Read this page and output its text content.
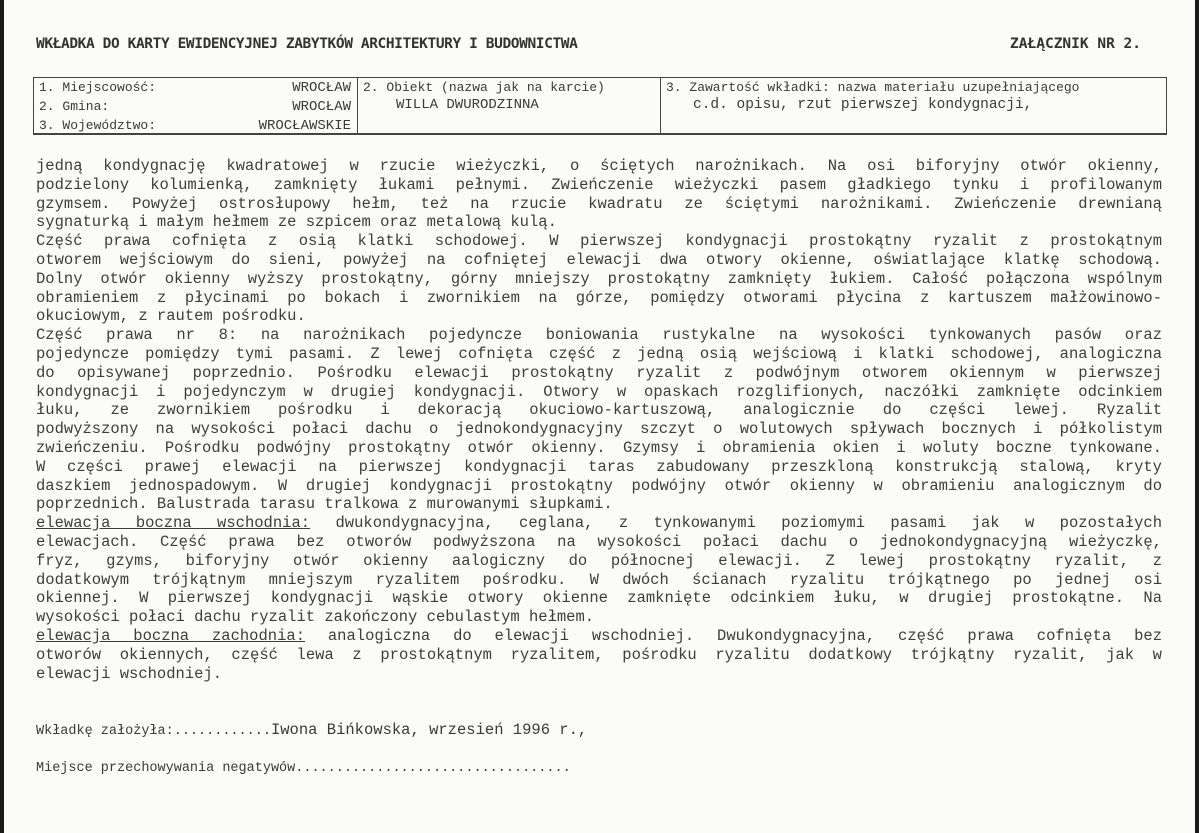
WKŁADKA DO KARTY EWIDENCYJNEJ ZABYTKÓW ARCHITEKTURY I BUDOWNICTWA	ZAŁĄCZNIK NR 2.
1. Miejscowość:	WROCŁAW
2. Gmina:	WROCŁAW
3. Województwo:	WROCŁAWSKIE
2. Obiekt (nazwa jak na karcie)
WILLA DWURODZINNA
3. Zawartość wkładki: nazwa materiału uzupełniającego
c.d. opisu, rzut pierwszej kondygnacji,
jedną kondygnację kwadratowej w rzucie wieżyczki, o ściętych narożnikach. Na osi biforyjny otwór okienny,
podzielony kolumienką, zamknięty łukami pełnymi. Zwieńczenie wieżyczki pasem gładkiego tynku i profilowanym
gzymsem. Powyżej ostrosłupowy hełm, też na rzucie kwadratu ze ściętymi narożnikami. Zwieńczenie drewnianą
sygnaturką i małym hełmem ze szpicem oraz metalową kulą.
Część prawa cofnięta z osią klatki schodowej. W pierwszej kondygnacji prostokątny ryzalit z prostokątnym
otworem wejściowym do sieni, powyżej na cofniętej elewacji dwa otwory okienne, oświatlające klatkę schodową.
Dolny otwór okienny wyższy prostokątny, górny mniejszy prostokątny zamknięty łukiem. Całość połączona wspólnym
obramieniem z płycinami po bokach i zwornikiem na górze, pomiędzy otworami płycina z kartuszem małżowinowo-
okuciowym, z rautem pośrodku.
Część prawa nr 8: na narożnikach pojedyncze boniowania rustykalne na wysokości tynkowanych pasów oraz
pojedyncze pomiędzy tymi pasami. Z lewej cofnięta część z jedną osią wejściową i klatki schodowej, analogiczna
do opisywanej poprzednio. Pośrodku elewacji prostokątny ryzalit z podwójnym otworem okiennym w pierwszej
kondygnacji i pojedynczym w drugiej kondygnacji. Otwory w opaskach rozglifionych, naczółki zamknięte odcinkiem
łuku, ze zwornikiem pośrodku i dekoracją okuciowo-kartuszową, analogicznie do części lewej. Ryzalit
podwyższony na wysokości połaci dachu o jednokondygnacyjny szczyt o wolutowych spływach bocznych i półkolistym
zwieńczeniu. Pośrodku podwójny prostokątny otwór okienny. Gzymsy i obramienia okien i woluty boczne tynkowane.
W części prawej elewacji na pierwszej kondygnacji taras zabudowany przeszkloną konstrukcją stalową, kryty
daszkiem jednospadowym. W drugiej kondygnacji prostokątny podwójny otwór okienny w obramieniu analogicznym do
poprzednich. Balustrada tarasu tralkowa z murowanymi słupkami.
elewacja boczna wschodnia: dwukondygnacyjna, ceglana, z tynkowanymi poziomymi pasami jak w pozostałych
elewacjach. Część prawa bez otworów podwyższona na wysokości połaci dachu o jednokondygnacyjną wieżyczkę,
fryz, gzyms, biforyjny otwór okienny aalogiczny do północnej elewacji. Z lewej prostokątny ryzalit, z
dodatkowym trójkątnym mniejszym ryzalitem pośrodku. W dwóch ścianach ryzalitu trójkątnego po jednej osi
okiennej. W pierwszej kondygnacji wąskie otwory okienne zamknięte odcinkiem łuku, w drugiej prostokątne. Na
wysokości połaci dachu ryzalit zakończony cebulastym hełmem.
elewacja boczna zachodnia: analogiczna do elewacji wschodniej. Dwukondygnacyjna, część prawa cofnięta bez
otworów okiennych, część lewa z prostokątnym ryzalitem, pośrodku ryzalitu dodatkowy trójkątny ryzalit, jak w
elewacji wschodniej.
Wkładkę założyła:............Iwona Bińkowska, wrzesień 1996 r.,
Miejsce przechowywania negatywów..................................
